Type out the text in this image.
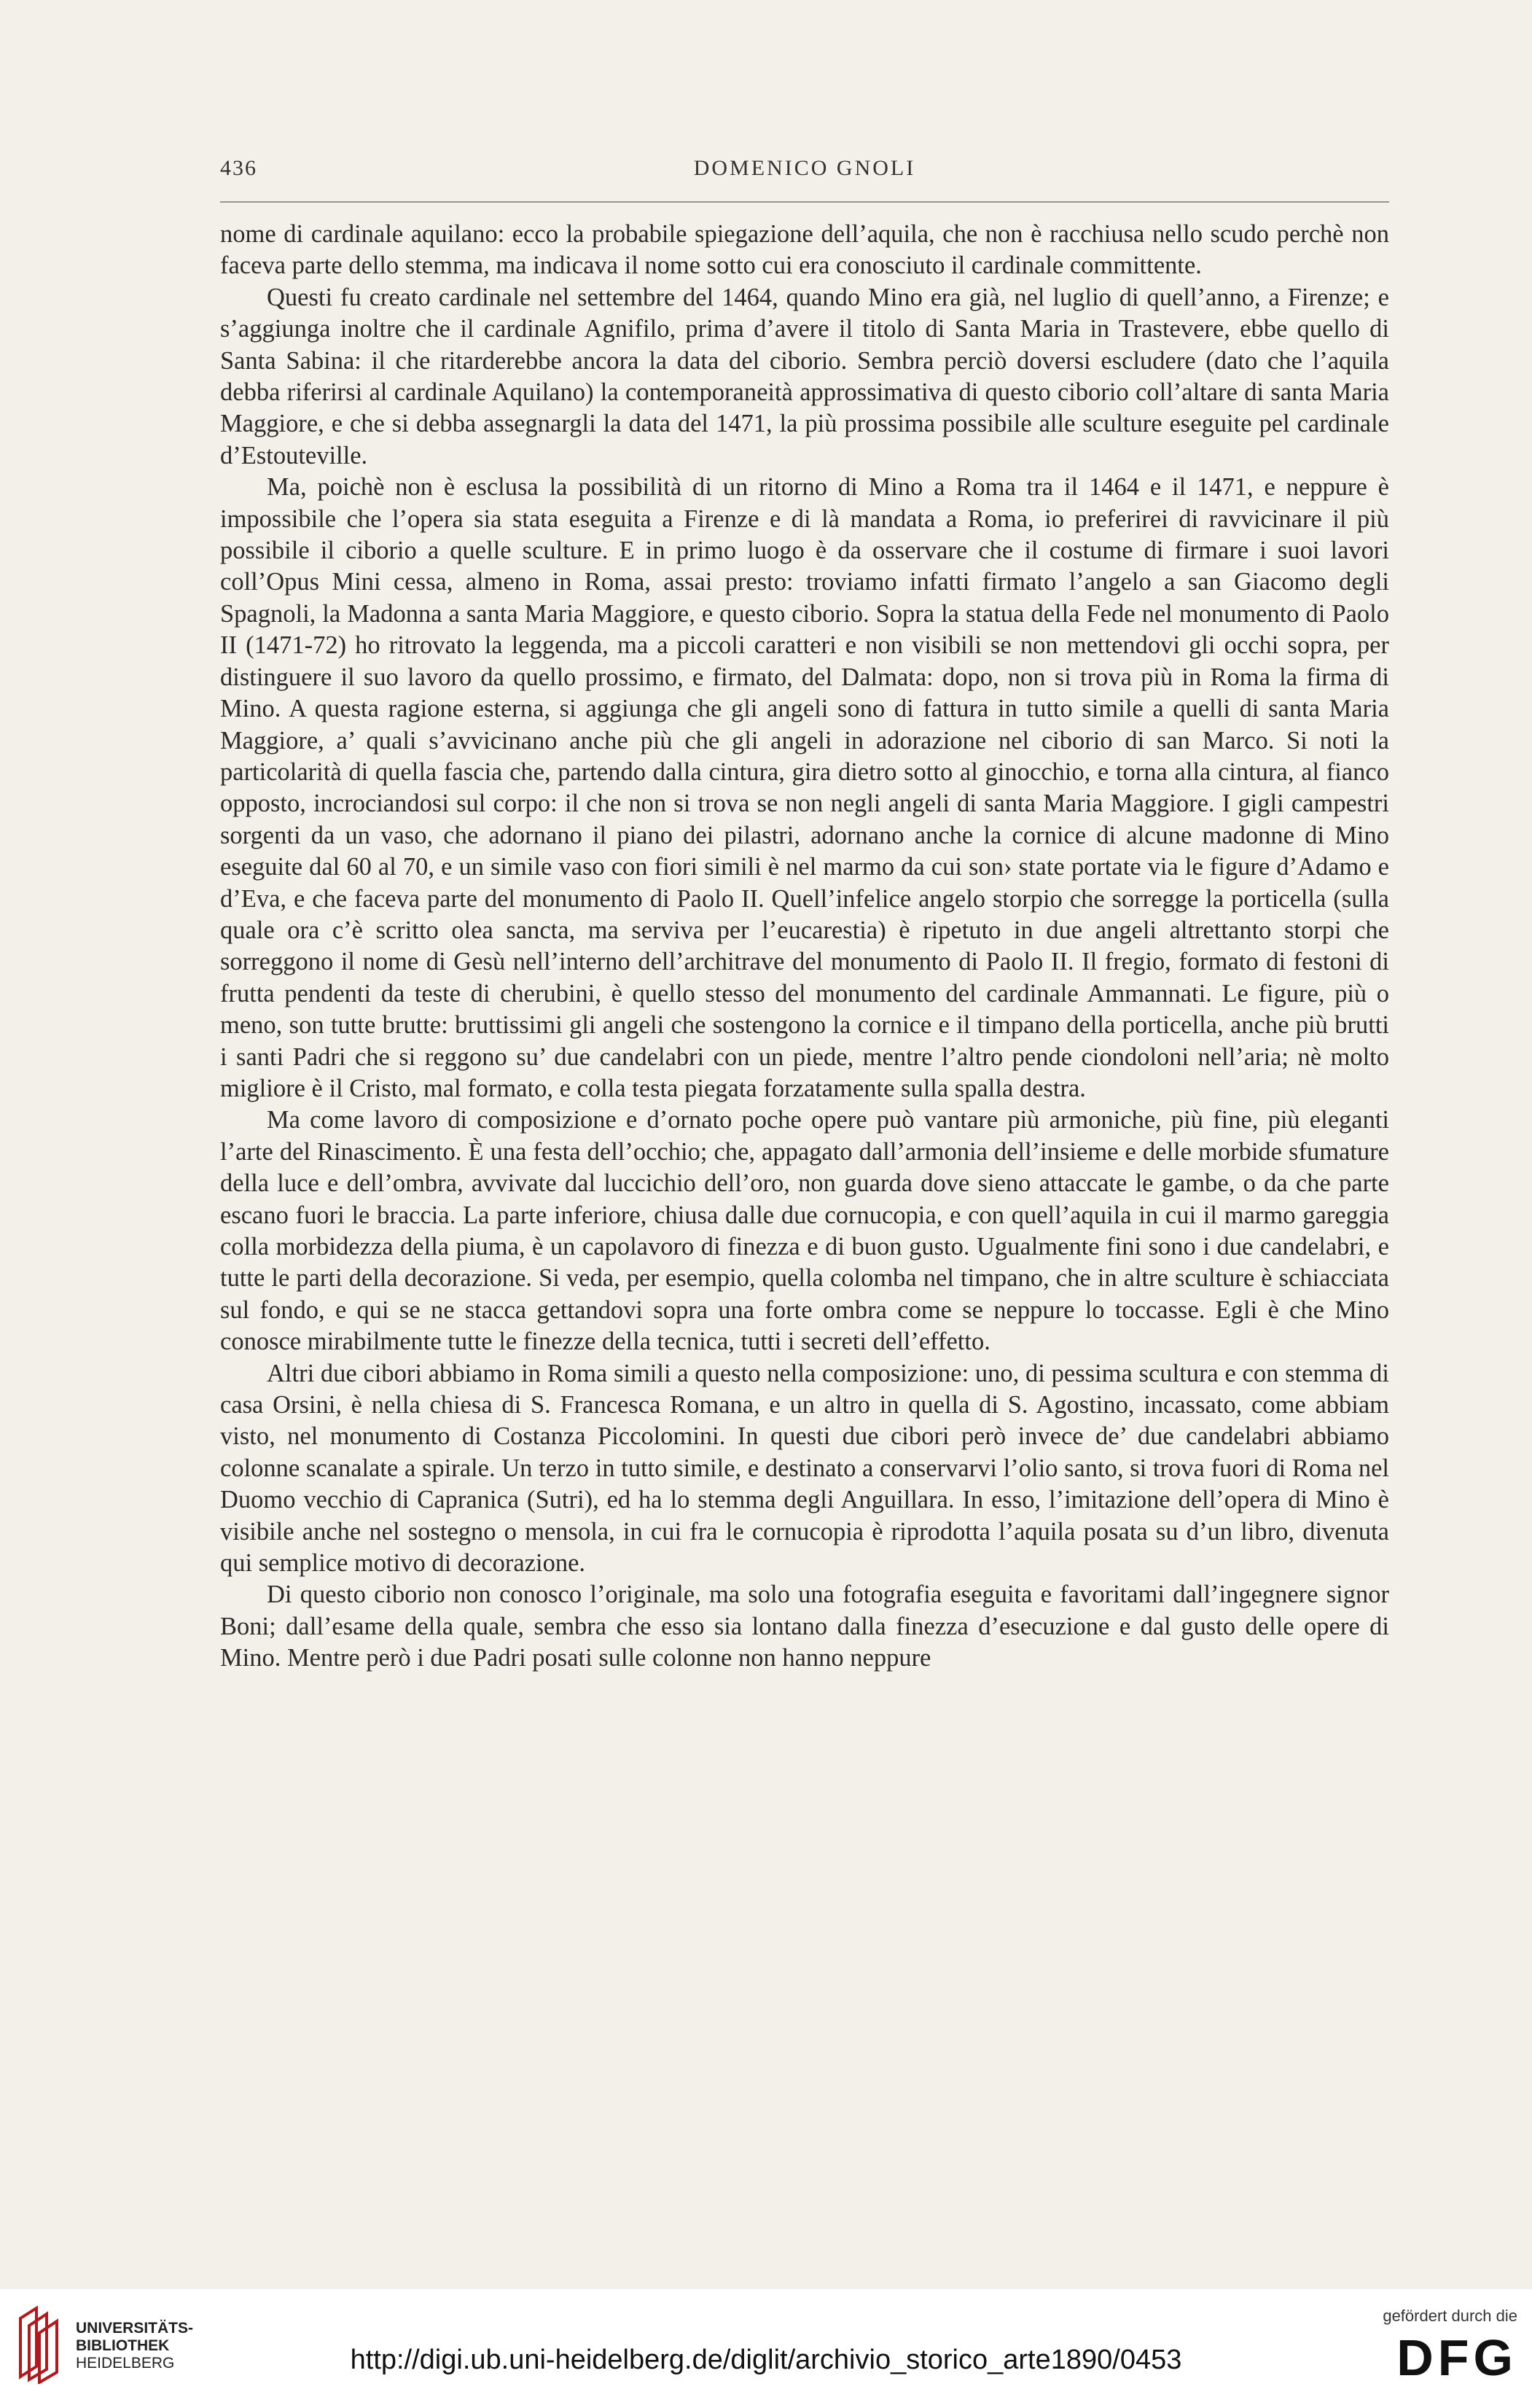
436	DOMENICO GNOLI

nome di cardinale aquilano: ecco la probabile spiegazione dell’aquila, che non è racchiusa nello scudo perchè non faceva parte dello stemma, ma indicava il nome sotto cui era conosciuto il cardinale committente.

Questi fu creato cardinale nel settembre del 1464, quando Mino era già, nel luglio di quell’anno, a Firenze; e s’aggiunga inoltre che il cardinale Agnifilo, prima d’avere il titolo di Santa Maria in Trastevere, ebbe quello di Santa Sabina: il che ritarderebbe ancora la data del ciborio. Sembra perciò doversi escludere (dato che l’aquila debba riferirsi al cardinale Aquilano) la contemporaneità approssimativa di questo ciborio coll’altare di santa Maria Maggiore, e che si debba assegnargli la data del 1471, la più prossima possibile alle sculture eseguite pel cardinale d’Estouteville.

Ma, poichè non è esclusa la possibilità di un ritorno di Mino a Roma tra il 1464 e il 1471, e neppure è impossibile che l’opera sia stata eseguita a Firenze e di là mandata a Roma, io preferirei di ravvicinare il più possibile il ciborio a quelle sculture. E in primo luogo è da osservare che il costume di firmare i suoi lavori coll’Opus Mini cessa, almeno in Roma, assai presto: troviamo infatti firmato l’angelo a san Giacomo degli Spagnoli, la Madonna a santa Maria Maggiore, e questo ciborio. Sopra la statua della Fede nel monumento di Paolo II (1471-72) ho ritrovato la leggenda, ma a piccoli caratteri e non visibili se non mettendovi gli occhi sopra, per distinguere il suo lavoro da quello prossimo, e firmato, del Dalmata: dopo, non si trova più in Roma la firma di Mino. A questa ragione esterna, si aggiunga che gli angeli sono di fattura in tutto simile a quelli di santa Maria Maggiore, a’ quali s’avvicinano anche più che gli angeli in adorazione nel ciborio di san Marco. Si noti la particolarità di quella fascia che, partendo dalla cintura, gira dietro sotto al ginocchio, e torna alla cintura, al fianco opposto, incrociandosi sul corpo: il che non si trova se non negli angeli di santa Maria Maggiore. I gigli campestri sorgenti da un vaso, che adornano il piano dei pilastri, adornano anche la cornice di alcune madonne di Mino eseguite dal 60 al 70, e un simile vaso con fiori simili è nel marmo da cui son› state portate via le figure d’Adamo e d’Eva, e che faceva parte del monumento di Paolo II. Quell’infelice angelo storpio che sorregge la porticella (sulla quale ora c’è scritto olea sancta, ma serviva per l’eucarestia) è ripetuto in due angeli altrettanto storpi che sorreggono il nome di Gesù nell’interno dell’architrave del monumento di Paolo II. Il fregio, formato di festoni di frutta pendenti da teste di cherubini, è quello stesso del monumento del cardinale Ammannati. Le figure, più o meno, son tutte brutte: bruttissimi gli angeli che sostengono la cornice e il timpano della porticella, anche più brutti i santi Padri che si reggono su’ due candelabri con un piede, mentre l’altro pende ciondoloni nell’aria; nè molto migliore è il Cristo, mal formato, e colla testa piegata forzatamente sulla spalla destra.

Ma come lavoro di composizione e d’ornato poche opere può vantare più armoniche, più fine, più eleganti l’arte del Rinascimento. È una festa dell’occhio; che, appagato dall’armonia dell’insieme e delle morbide sfumature della luce e dell’ombra, avvivate dal luccichio dell’oro, non guarda dove sieno attaccate le gambe, o da che parte escano fuori le braccia. La parte inferiore, chiusa dalle due cornucopia, e con quell’aquila in cui il marmo gareggia colla morbidezza della piuma, è un capolavoro di finezza e di buon gusto. Ugualmente fini sono i due candelabri, e tutte le parti della decorazione. Si veda, per esempio, quella colomba nel timpano, che in altre sculture è schiacciata sul fondo, e qui se ne stacca gettandovi sopra una forte ombra come se neppure lo toccasse. Egli è che Mino conosce mirabilmente tutte le finezze della tecnica, tutti i secreti dell’effetto.

Altri due cibori abbiamo in Roma simili a questo nella composizione: uno, di pessima scultura e con stemma di casa Orsini, è nella chiesa di S. Francesca Romana, e un altro in quella di S. Agostino, incassato, come abbiam visto, nel monumento di Costanza Piccolomini. In questi due cibori però invece de’ due candelabri abbiamo colonne scanalate a spirale. Un terzo in tutto simile, e destinato a conservarvi l’olio santo, si trova fuori di Roma nel Duomo vecchio di Capranica (Sutri), ed ha lo stemma degli Anguillara. In esso, l’imitazione dell’opera di Mino è visibile anche nel sostegno o mensola, in cui fra le cornucopia è riprodotta l’aquila posata su d’un libro, divenuta qui semplice motivo di decorazione.

Di questo ciborio non conosco l’originale, ma solo una fotografia eseguita e favoritami dall’ingegnere signor Boni; dall’esame della quale, sembra che esso sia lontano dalla finezza d’esecuzione e dal gusto delle opere di Mino. Mentre però i due Padri posati sulle colonne non hanno neppure

UNIVERSITÄTS-
BIBLIOTHEK
HEIDELBERG	http://digi.ub.uni-heidelberg.de/diglit/archivio_storico_arte1890/0453
gefördert durch die
DFG
